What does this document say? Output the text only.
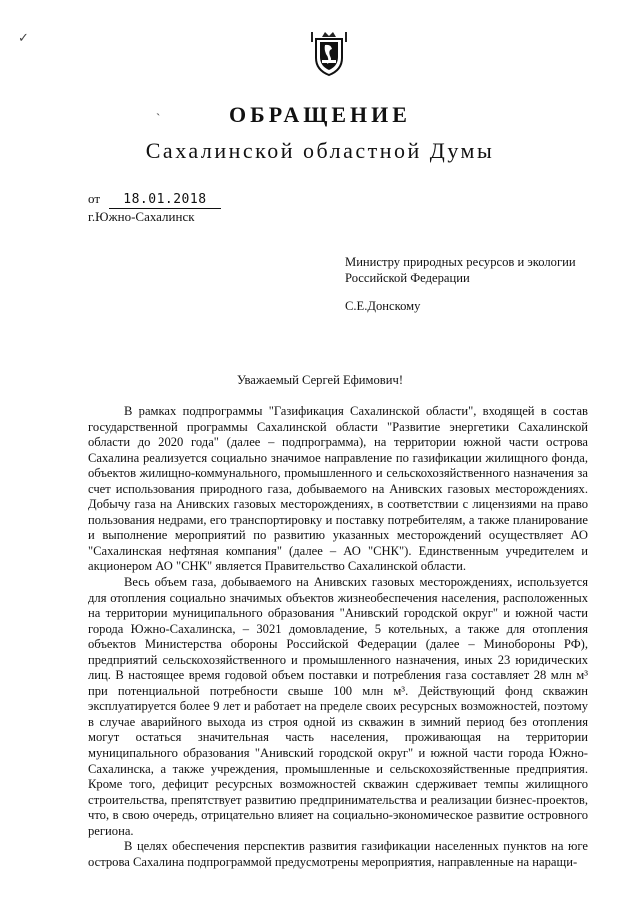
✓
ˏ	ОБРАЩЕНИЕ
Сахалинской областной Думы
от 18.01.2018
г.Южно-Сахалинск
Министру природных ресурсов и экологии Российской Федерации
С.Е.Донскому
Уважаемый Сергей Ефимович!

В рамках подпрограммы "Газификация Сахалинской области", входящей в состав государственной программы Сахалинской области "Развитие энергетики Сахалинской области до 2020 года" (далее – подпрограмма), на территории южной части острова Сахалина реализуется социально значимое направление по газификации жилищного фонда, объектов жилищно-коммунального, промышленного и сельскохозяйственного назначения за счет использования природного газа, добываемого на Анивских газовых месторождениях. Добычу газа на Анивских газовых месторождениях, в соответствии с лицензиями на право пользования недрами, его транспортировку и поставку потребителям, а также планирование и выполнение мероприятий по развитию указанных месторождений осуществляет АО "Сахалинская нефтяная компания" (далее – АО "СНК"). Единственным учредителем и акционером АО "СНК" является Правительство Сахалинской области.

Весь объем газа, добываемого на Анивских газовых месторождениях, используется для отопления социально значимых объектов жизнеобеспечения населения, расположенных на территории муниципального образования "Анивский городской округ" и южной части города Южно-Сахалинска, – 3021 домовладение, 5 котельных, а также для отопления объектов Министерства обороны Российской Федерации (далее – Минобороны РФ), предприятий сельскохозяйственного и промышленного назначения, иных 23 юридических лиц. В настоящее время годовой объем поставки и потребления газа составляет 28 млн м³ при потенциальной потребности свыше 100 млн м³. Действующий фонд скважин эксплуатируется более 9 лет и работает на пределе своих ресурсных возможностей, поэтому в случае аварийного выхода из строя одной из скважин в зимний период без отопления могут остаться значительная часть населения, проживающая на территории муниципального образования "Анивский городской округ" и южной части города Южно-Сахалинска, а также учреждения, промышленные и сельскохозяйственные предприятия. Кроме того, дефицит ресурсных возможностей скважин сдерживает темпы жилищного строительства, препятствует развитию предпринимательства и реализации бизнес-проектов, что, в свою очередь, отрицательно влияет на социально-экономическое развитие островного региона.

В целях обеспечения перспектив развития газификации населенных пунктов на юге острова Сахалина подпрограммой предусмотрены мероприятия, направленные на наращи-
